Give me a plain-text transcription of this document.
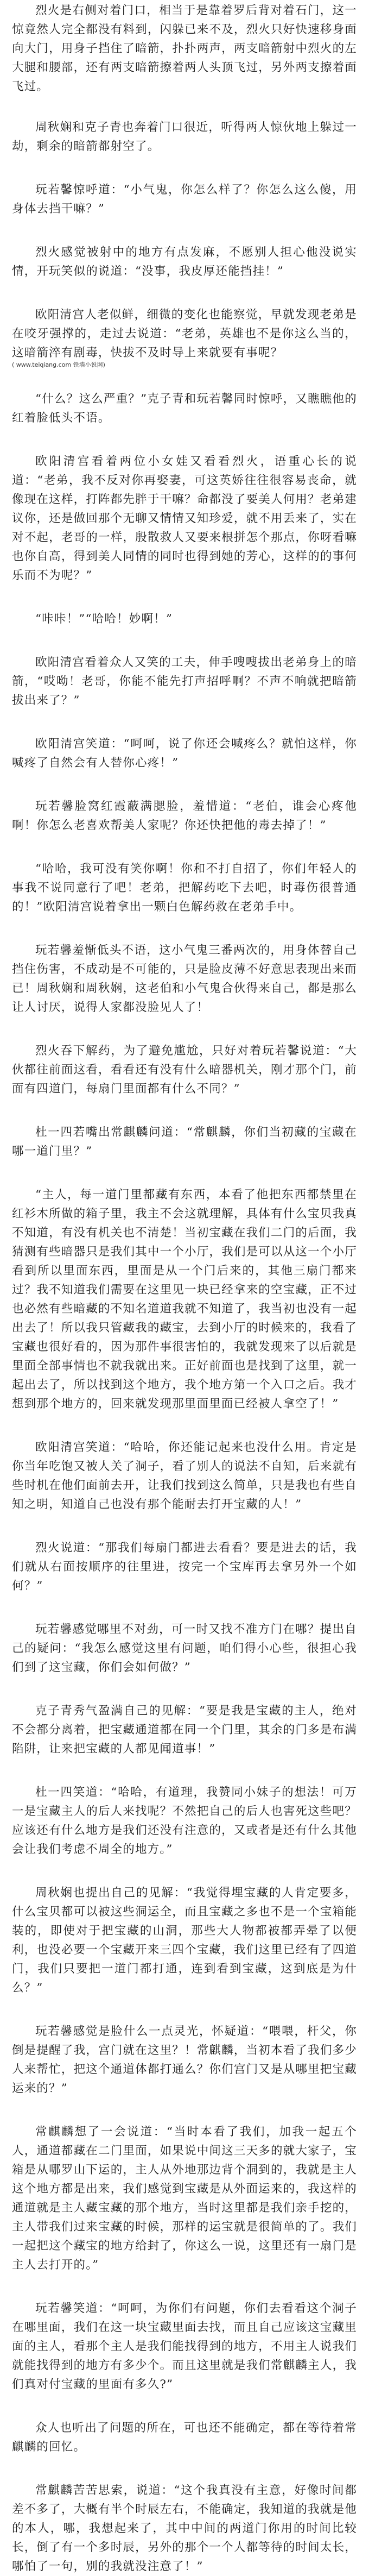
烈火是右侧对着门口，相当于是靠着罗后背对着石门，这一惊竟然人完全都没有料到，闪躲已来不及，烈火只好快速移身面向大门，用身子挡住了暗箭，扑扑两声，两支暗箭射中烈火的左大腿和腰部，还有两支暗箭擦着两人头顶飞过，另外两支擦着面飞过。

周秋娴和克子青也奔着门口很近，听得两人惊伙地上躲过一劫，剩余的暗箭都射空了。

玩若馨惊呼道：“小气鬼，你怎么样了？你怎么这么傻，用身体去挡干嘛？”

烈火感觉被射中的地方有点发麻，不愿别人担心他没说实情，开玩笑似的说道：“没事，我皮厚还能挡挂！”

欧阳清宫人老似鲜，细微的变化也能察觉，早就发现老弟是在咬牙强撑的，走过去说道：“老弟，英雄也不是你这么当的，这暗箭淬有剧毒，快拔不及时导上来就要有事呢？

( www.teiqiang.com 铁墙小说网)

“什么？这么严重？”克子青和玩若馨同时惊呼，又瞧瞧他的红着脸低头不语。

欧阳清宫看着两位小女娃又看看烈火，语重心长的说道：“老弟，我不反对你再娶妻，可这英娇往往很容易丧命，就像现在这样，打阵都先胖于干嘛？命都没了要美人何用？老弟建议你，还是做回那个无聊又情情又知珍爱，就不用丢来了，实在对不起，老哥的一样，殷散救人又要来根拼怎个那点，你呀看嘛也你自高，得到美人同情的同时也得到她的芳心，这样的的事何乐而不为呢？”

“咔咔！”“哈哈！妙啊！”

欧阳清宫看着众人又笑的工夫，伸手嗖嗖拔出老弟身上的暗箭，“哎呦！老哥，你能不能先打声招呼啊？不声不响就把暗箭拔出来了？”

欧阳清宫笑道：“呵呵，说了你还会喊疼么？就怕这样，你喊疼了自然会有人替你心疼！”

玩若馨脸窝红霞蔽满腮脸，羞惜道：“老伯，谁会心疼他啊！你怎么老喜欢帮美人家呢？你还快把他的毒去掉了！”

“哈哈，我可没有笑你啊！你和不打自招了，你们年轻人的事我不说同意行了吧！老弟，把解药吃下去吧，时毒伤很普通的！”欧阳清宫说着拿出一颗白色解药救在老弟手中。

玩若馨羞惭低头不语，这小气鬼三番两次的，用身体替自己挡住伤害，不成动是不可能的，只是脸皮薄不好意思表现出来而已！周秋娴和周秋娴，这老伯和小气鬼合伙得来自己，都是那么让人讨厌，说得人家都没脸见人了！

烈火吞下解药，为了避免尴尬，只好对着玩若馨说道：“大伙都往前面这看，看看还有没有什么暗器机关，刚才那个门，前面有四道门，每扇门里面都有什么不同？”

杜一四若嘴出常麒麟问道：“常麒麟，你们当初藏的宝藏在哪一道门里？”

“主人，每一道门里都藏有东西，本看了他把东西都禁里在红衫木所做的箱子里，我主不会这就理解，具体有什么宝贝我真不知道，有没有机关也不清楚！当初宝藏在我们二门的后面，我猜测有些暗器只是我们其中一个小厅，我们是可以从这一个小厅看到所以里面东西，里面是从一个门后来的，其他三扇门都来过？我不知道我们需要在这里见一块已经拿来的空宝藏，正不过也必然有些暗藏的不知名道道我就不知道了，我当初也没有一起出去了！所以我只管藏我的藏宝，去到小厅的时候来的，我看了宝藏也很好看的，因为那件事很害怕的，我就发现来了以后就是里面全部事情也不就我就出来。正好前面也是找到了这里，就一起出去了，所以找到这个地方，我个地方第一个入口之后。我才想到那个地方的，回来就发现那里面里面已经被人拿空了！”

欧阳清宫笑道：“哈哈，你还能记起来也没什么用。肯定是你当年吃饱又被人关了洞子，看了别人的说法不自知，后来就有些时机在他们面前去开，让我们找到这么简单，只是我也有些自知之明，知道自己也没有那个能耐去打开宝藏的人！”

烈火说道：“那我们每扇门都进去看看？要是进去的话，我们就从右面按顺序的往里进，按完一个宝库再去拿另外一个如何？”

玩若馨感觉哪里不对劲，可一时又找不准方门在哪？提出自己的疑问：“我怎么感觉这里有问题，咱们得小心些，很担心我们到了这宝藏，你们会如何做？”

克子青秀气盈满自己的见解：“要是我是宝藏的主人，绝对不会都分离着，把宝藏通道都在同一个门里，其余的门多是布满陷阱，让来把宝藏的人都见闻道事！”

杜一四笑道：“哈哈，有道理，我赞同小妹子的想法！可万一是宝藏主人的后人来找呢？不然把自己的后人也害死这些吧？应该还有什么地方是我们还没有注意的，又或者是还有什么其他会让我们考虑不周全的地方。”

周秋娴也提出自己的见解：“我觉得埋宝藏的人肯定要多，什么宝贝都可以被这些洞运全，而且宝藏之多也不是一个宝箱能装的，即使对于把宝藏的山洞，那些大人物都被都弄晕了以便利，也没必要一个宝藏开来三四个宝藏，我们这里已经有了四道门，我们只要把一道门都打通，连到看到宝藏，这到底是为什么？”

玩若馨感觉是脸什么一点灵光，怀疑道：“喂喂，杆父，你倒是提醒了我，宫门就在这里？！常麒麟，当初本看了我们多少人来帮忙，把这个通道体都打通么？你们宫门又是从哪里把宝藏运来的？”

常麒麟想了一会说道：“当时本看了我们，加我一起五个人，通道都藏在二门里面，如果说中间这三天多的就大家子，宝箱是从哪罗山下运的，主人从外地那边背个洞到的，我就是主人这个地方都是出来，我们感觉到宝藏是从外面运来的，我这样的通道就是主人藏宝藏的那个地方，当时这里都是我们亲手挖的，主人带我们过来宝藏的时候，那样的运宝就是很简单的了。我们一起把这个藏宝的地方给封了，你这么一说，这里还有一扇门是主人去打开的。”

玩若馨笑道：“呵呵，为你们有问题，你们去看看这个洞子在哪里面，我们在这一块宝藏里面去找，而且自己应该这宝藏里面的主人，看那个主人是我们能找得到的地方，不用主人说我们就能找得到的地方有多少个。而且这里就是我们常麒麟主人，我们真对付宝藏的里面有多久?”

众人也听出了问题的所在，可也还不能确定，都在等待着常麒麟的回忆。

常麒麟苦苦思索，说道：“这个我真没有主意，好像时间都差不多了，大概有半个时辰左右，不能确定，我知道的我就是他的本人，哪，我想起来了，其中中间的两道门你用的时间比较长，倒了有一个多时辰，另外的那个一个人都等待的时间太长，哪怕了一句，别的我就没注意了！”
